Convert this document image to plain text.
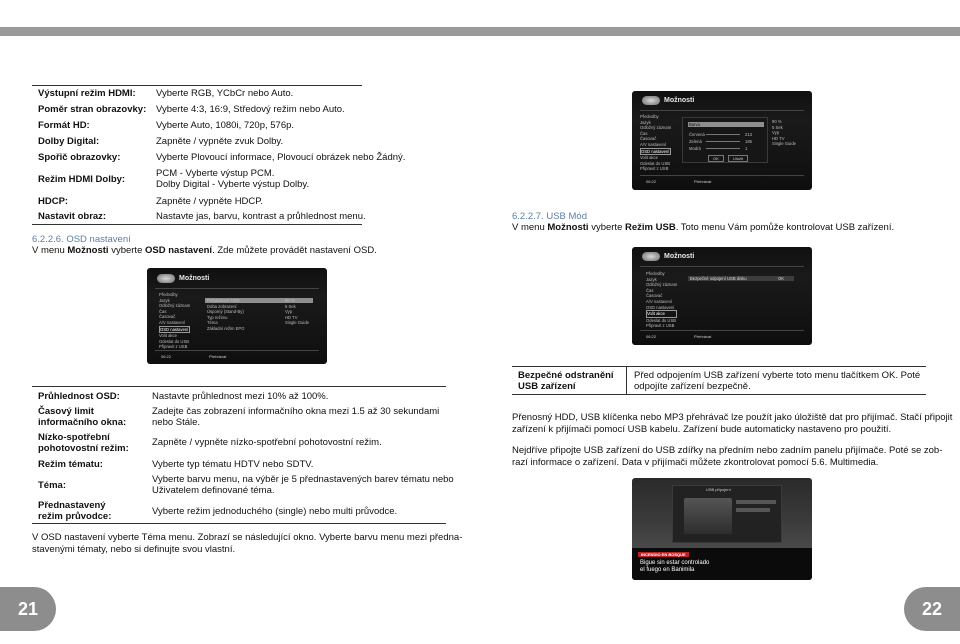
Výstupní režim HDMI: Vyberte RGB, YCbCr nebo Auto.
Poměr stran obrazovky: Vyberte 4:3, 16:9, Středový režim nebo Auto.
Formát HD:	Vyberte Auto, 1080i, 720p, 576p.
Dolby Digital:	Zapněte / vypněte zvuk Dolby.
Spořič obrazovky:	Vyberte Plovoucí informace, Plovoucí obrázek nebo Žádný.
Režim HDMI Dolby:
PCM - Vyberte výstup PCM.
Dolby Digital - Vyberte výstup Dolby.
HDCP:	Zapněte / vypněte HDCP.
Nastavit obraz:	Nastavte jas, barvu, kontrast a průhlednost menu.
6.2.2.6. OSD nastavení
V menu Možnosti vyberte OSD nastavení. Zde můžete provádět nastavení OSD.
Možnosti
Předvolby
Jazyk
Odložný záznam
Čas
Časovač
A/V nastavení
OSD nastavení
Volit akce
Odeslat do USB
Připravit z USB
Průhlednost OSD
Doba zobrazení
Úsporný (Stand-By)
Typ režimu
Téma
Základní režim EPG
90 %
5 Sek
Vyp
HD TV
Single Guide
06:22	Přehrávat
Průhlednost OSD:	Nastavte průhlednost mezi 10% až 100%.
Časový limit
informačního okna:
Zadejte čas zobrazení informačního okna mezi 1.5 až 30 sekundami
nebo Stále.
Nízko-spotřební
pohotovostní režim:
Zapněte / vypněte nízko-spotřební pohotovostní režim.
Režim tématu:	Vyberte typ tématu HDTV nebo SDTV.
Téma:
Vyberte barvu menu, na výběr je 5 přednastavených barev tématu nebo
Uživatelem definované téma.
Přednastavený
režim průvodce:	Vyberte režim jednoduchého (single) nebo multi průvodce.
V OSD nastavení vyberte Téma menu. Zobrazí se následující okno. Vyberte barvu menu mezi předna-
stavenými tématy, nebo si definujte svou vlastní.
Možnosti
Předvolby
Jazyk
Odložný záznam
Čas
Časovač
A/V nastavení
OSD nastavení
Volit akce
Odeslat do USB
Připravit z USB
Barva
Červená
Zelená
Modrá
213
185
1
OK	Uložit
90 %
5 Sek
Vyp
HD TV
Single Guide
06:22	Přehrávat
6.2.2.7. USB Mód
V menu Možnosti vyberte Režim USB. Toto menu Vám pomůže kontrolovat USB zařízení.
Možnosti
Předvolby
Jazyk
Odložný záznam
Čas
Časovač
A/V nastavení
OSD nastavení
Volit akce
Odeslat do USB
Připravit z USB
Bezpečné odpojení USB disku	OK
06:22	Přehrávat
Bezpečné odstranění
USB zařízení
Před odpojením USB zařízení vyberte toto menu tlačítkem OK. Poté
odpojíte zařízení bezpečně.
Přenosný HDD, USB klíčenka nebo MP3 přehrávač lze použít jako úložiště dat pro přijímač. Stačí připojit
zařízení k přijímači pomocí USB kabelu. Zařízení bude automaticky nastaveno pro použití.
Nejdříve připojte USB zařízení do USB zdířky na předním nebo zadním panelu přijímače. Poté se zob-
razí informace o zařízení. Data v přijímači můžete zkontrolovat pomocí 5.6. Multimedia.
USB připojení
INCENDIO EN BOSQUE
Bigue sin estar controlado
el fuego en Banimila
21	22
